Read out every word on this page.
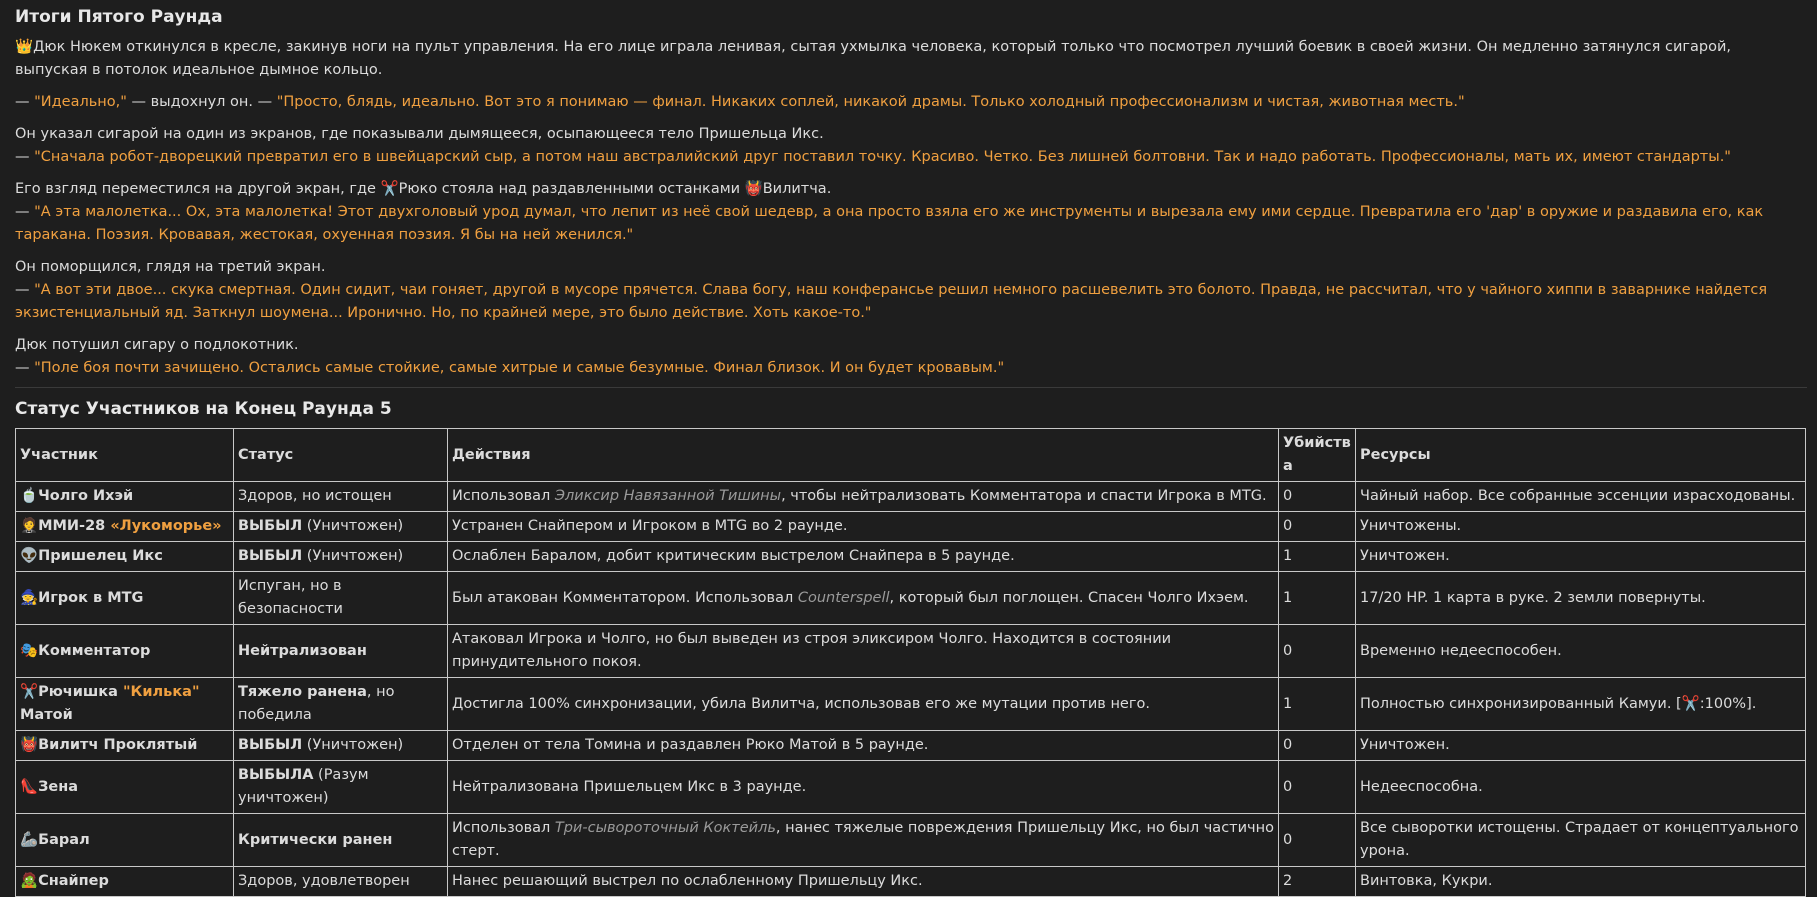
Итоги Пятого Раунда

👑Дюк Нюкем откинулся в кресле, закинув ноги на пульт управления. На его лице играла ленивая, сытая ухмылка человека, который только что посмотрел лучший боевик в своей жизни. Он медленно затянулся сигарой, выпуская в потолок идеальное дымное кольцо.

— "Идеально," — выдохнул он. — "Просто, блядь, идеально. Вот это я понимаю — финал. Никаких соплей, никакой драмы. Только холодный профессионализм и чистая, животная месть."

Он указал сигарой на один из экранов, где показывали дымящееся, осыпающееся тело Пришельца Икс.

— "Сначала робот-дворецкий превратил его в швейцарский сыр, а потом наш австралийский друг поставил точку. Красиво. Четко. Без лишней болтовни. Так и надо работать. Профессионалы, мать их, имеют стандарты."

Его взгляд переместился на другой экран, где ✂️Рюко стояла над раздавленными останками 👹Вилитча.

— "А эта малолетка... Ох, эта малолетка! Этот двухголовый урод думал, что лепит из неё свой шедевр, а она просто взяла его же инструменты и вырезала ему ими сердце. Превратила его 'дар' в оружие и раздавила его, как таракана. Поэзия. Кровавая, жестокая, охуенная поэзия. Я бы на ней женился."

Он поморщился, глядя на третий экран.

— "А вот эти двое... скука смертная. Один сидит, чаи гоняет, другой в мусоре прячется. Слава богу, наш конферансье решил немного расшевелить это болото. Правда, не рассчитал, что у чайного хиппи в заварнике найдется экзистенциальный яд. Заткнул шоумена... Иронично. Но, по крайней мере, это было действие. Хоть какое-то."

Дюк потушил сигару о подлокотник.

— "Поле боя почти зачищено. Остались самые стойкие, самые хитрые и самые безумные. Финал близок. И он будет кровавым."

Статус Участников на Конец Раунда 5
Участник	Статус	Действия	Убийства	Ресурсы
🍵Чолго Ихэй	Здоров, но истощен	Использовал Эликсир Навязанной Тишины, чтобы нейтрализовать Комментатора и спасти Игрока в MTG.	0	Чайный набор. Все собранные эссенции израсходованы.
🤵ММИ-28 «Лукоморье»	ВЫБЫЛ (Уничтожен)	Устранен Снайпером и Игроком в MTG во 2 раунде.	0	Уничтожены.
👽Пришелец Икс	ВЫБЫЛ (Уничтожен)	Ослаблен Баралом, добит критическим выстрелом Снайпера в 5 раунде.	1	Уничтожен.
🧙Игрок в MTG	Испуган, но в безопасности	Был атакован Комментатором. Использовал Counterspell, который был поглощен. Спасен Чолго Ихэем.	1	17/20 HP. 1 карта в руке. 2 земли повернуты.
🎭Комментатор	Нейтрализован	Атаковал Игрока и Чолго, но был выведен из строя эликсиром Чолго. Находится в состоянии принудительного покоя.	0	Временно недееспособен.
✂️Рючишка "Килька"
Матой	Тяжело ранена, но победила	Достигла 100% синхронизации, убила Вилитча, использовав его же мутации против него.	1	Полностью синхронизированный Камуи. [✂️:100%].
👹Вилитч Проклятый	ВЫБЫЛ (Уничтожен)	Отделен от тела Томина и раздавлен Рюко Матой в 5 раунде.	0	Уничтожен.
👠Зена	ВЫБЫЛА (Разум уничтожен)	Нейтрализована Пришельцем Икс в 3 раунде.	0	Недееспособна.
🦾Барал	Критически ранен	Использовал Три-сывороточный Коктейль, нанес тяжелые повреждения Пришельцу Икс, но был частично стерт.	0	Все сыворотки истощены. Страдает от концептуального урона.
🧟Снайпер	Здоров, удовлетворен	Нанес решающий выстрел по ослабленному Пришельцу Икс.	2	Винтовка, Кукри.
